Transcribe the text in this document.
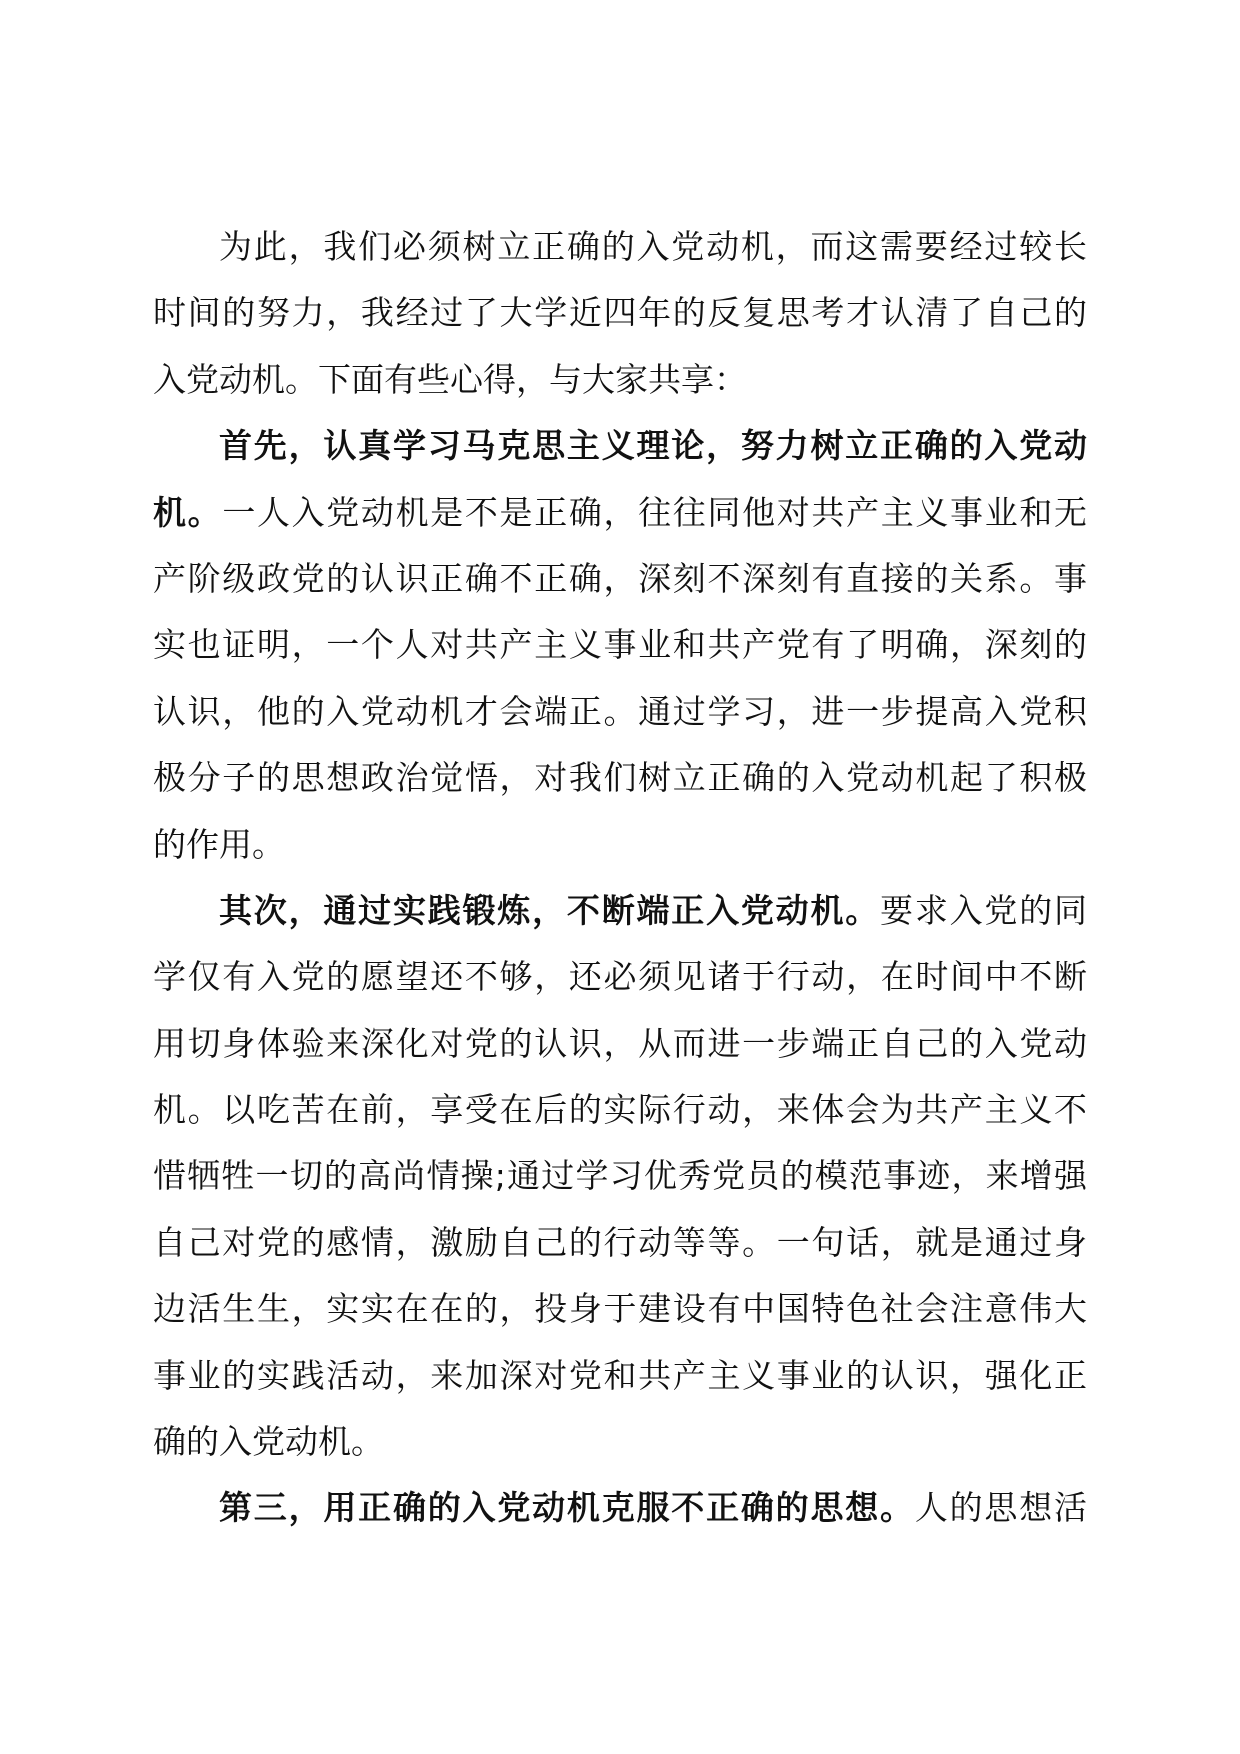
为此，我们必须树立正确的入党动机，而这需要经过较长
时间的努力，我经过了大学近四年的反复思考才认清了自己的
入党动机。下面有些心得，与大家共享：
首先，认真学习马克思主义理论，努力树立正确的入党动
机。一人入党动机是不是正确，往往同他对共产主义事业和无
产阶级政党的认识正确不正确，深刻不深刻有直接的关系。事
实也证明，一个人对共产主义事业和共产党有了明确，深刻的
认识，他的入党动机才会端正。通过学习，进一步提高入党积
极分子的思想政治觉悟，对我们树立正确的入党动机起了积极
的作用。
其次，通过实践锻炼，不断端正入党动机。要求入党的同
学仅有入党的愿望还不够，还必须见诸于行动，在时间中不断
用切身体验来深化对党的认识，从而进一步端正自己的入党动
机。以吃苦在前，享受在后的实际行动，来体会为共产主义不
惜牺牲一切的高尚情操;通过学习优秀党员的模范事迹，来增强
自己对党的感情，激励自己的行动等等。一句话，就是通过身
边活生生，实实在在的，投身于建设有中国特色社会注意伟大
事业的实践活动，来加深对党和共产主义事业的认识，强化正
确的入党动机。
第三，用正确的入党动机克服不正确的思想。人的思想活
